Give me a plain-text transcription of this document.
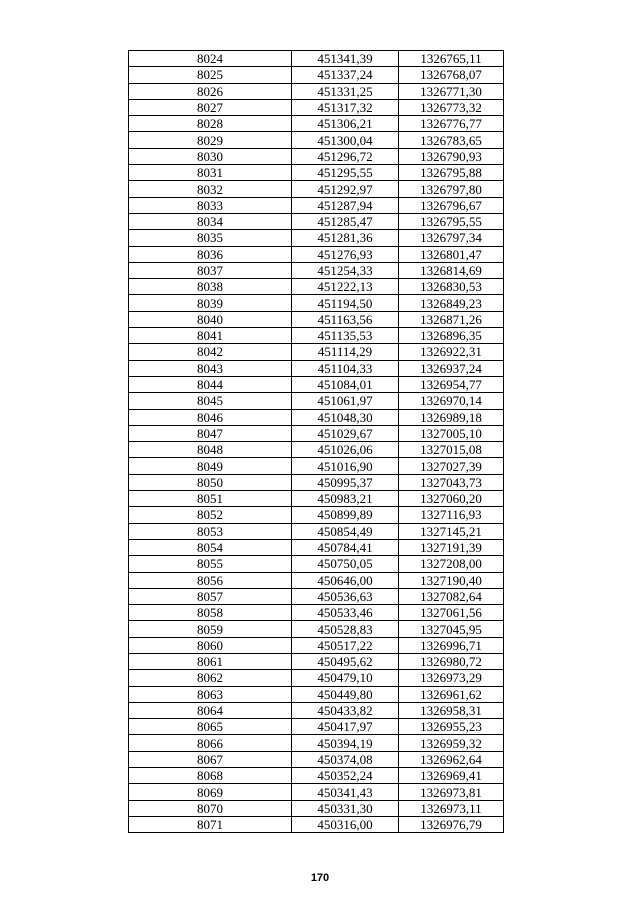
8024	451341,39	1326765,11
8025	451337,24	1326768,07
8026	451331,25	1326771,30
8027	451317,32	1326773,32
8028	451306,21	1326776,77
8029	451300,04	1326783,65
8030	451296,72	1326790,93
8031	451295,55	1326795,88
8032	451292,97	1326797,80
8033	451287,94	1326796,67
8034	451285,47	1326795,55
8035	451281,36	1326797,34
8036	451276,93	1326801,47
8037	451254,33	1326814,69
8038	451222,13	1326830,53
8039	451194,50	1326849,23
8040	451163,56	1326871,26
8041	451135,53	1326896,35
8042	451114,29	1326922,31
8043	451104,33	1326937,24
8044	451084,01	1326954,77
8045	451061,97	1326970,14
8046	451048,30	1326989,18
8047	451029,67	1327005,10
8048	451026,06	1327015,08
8049	451016,90	1327027,39
8050	450995,37	1327043,73
8051	450983,21	1327060,20
8052	450899,89	1327116,93
8053	450854,49	1327145,21
8054	450784,41	1327191,39
8055	450750,05	1327208,00
8056	450646,00	1327190,40
8057	450536,63	1327082,64
8058	450533,46	1327061,56
8059	450528,83	1327045,95
8060	450517,22	1326996,71
8061	450495,62	1326980,72
8062	450479,10	1326973,29
8063	450449,80	1326961,62
8064	450433,82	1326958,31
8065	450417,97	1326955,23
8066	450394,19	1326959,32
8067	450374,08	1326962,64
8068	450352,24	1326969,41
8069	450341,43	1326973,81
8070	450331,30	1326973,11
8071	450316,00	1326976,79
170
